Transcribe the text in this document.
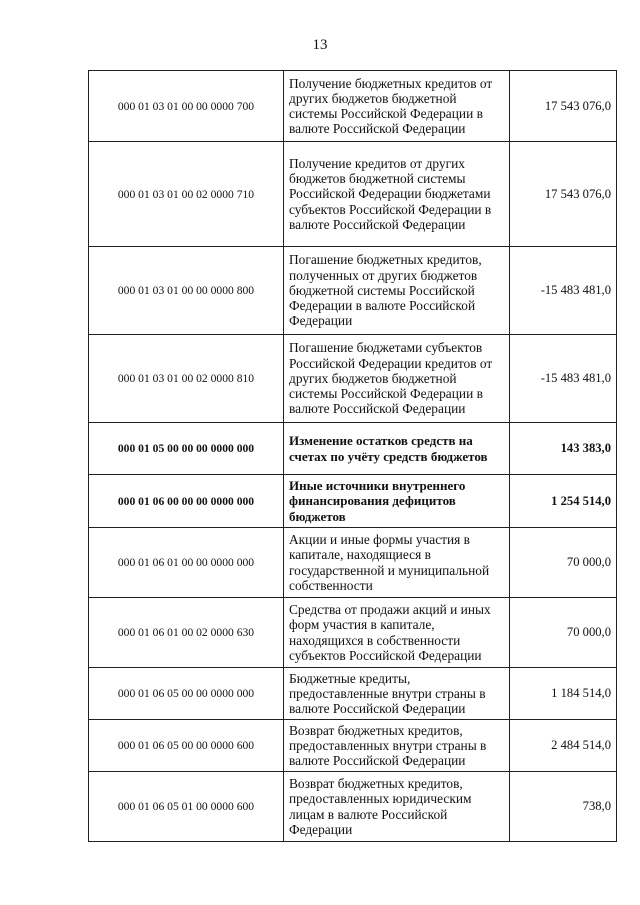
13
000 01 03 01 00 00 0000 700	Получение бюджетных кредитов от других бюджетов бюджетной системы Российской Федерации в валюте Российской Федерации	17 543 076,0
000 01 03 01 00 02 0000 710	Получение кредитов от других бюджетов бюджетной системы Российской Федерации бюджетами субъектов Российской Федерации в валюте Российской Федерации	17 543 076,0
000 01 03 01 00 00 0000 800	Погашение бюджетных кредитов, полученных от других бюджетов бюджетной системы Российской Федерации в валюте Российской Федерации	-15 483 481,0
000 01 03 01 00 02 0000 810	Погашение бюджетами субъектов Российской Федерации кредитов от других бюджетов бюджетной системы Российской Федерации в валюте Российской Федерации	-15 483 481,0
000 01 05 00 00 00 0000 000	Изменение остатков средств на счетах по учёту средств бюджетов	143 383,0
000 01 06 00 00 00 0000 000	Иные источники внутреннего финансирования дефицитов бюджетов	1 254 514,0
000 01 06 01 00 00 0000 000	Акции и иные формы участия в капитале, находящиеся в государственной и муниципальной собственности	70 000,0
000 01 06 01 00 02 0000 630	Средства от продажи акций и иных форм участия в капитале, находящихся в собственности субъектов Российской Федерации	70 000,0
000 01 06 05 00 00 0000 000	Бюджетные кредиты, предоставленные внутри страны в валюте Российской Федерации	1 184 514,0
000 01 06 05 00 00 0000 600	Возврат бюджетных кредитов, предоставленных внутри страны в валюте Российской Федерации	2 484 514,0
000 01 06 05 01 00 0000 600	Возврат бюджетных кредитов, предоставленных юридическим лицам в валюте Российской Федерации	738,0
